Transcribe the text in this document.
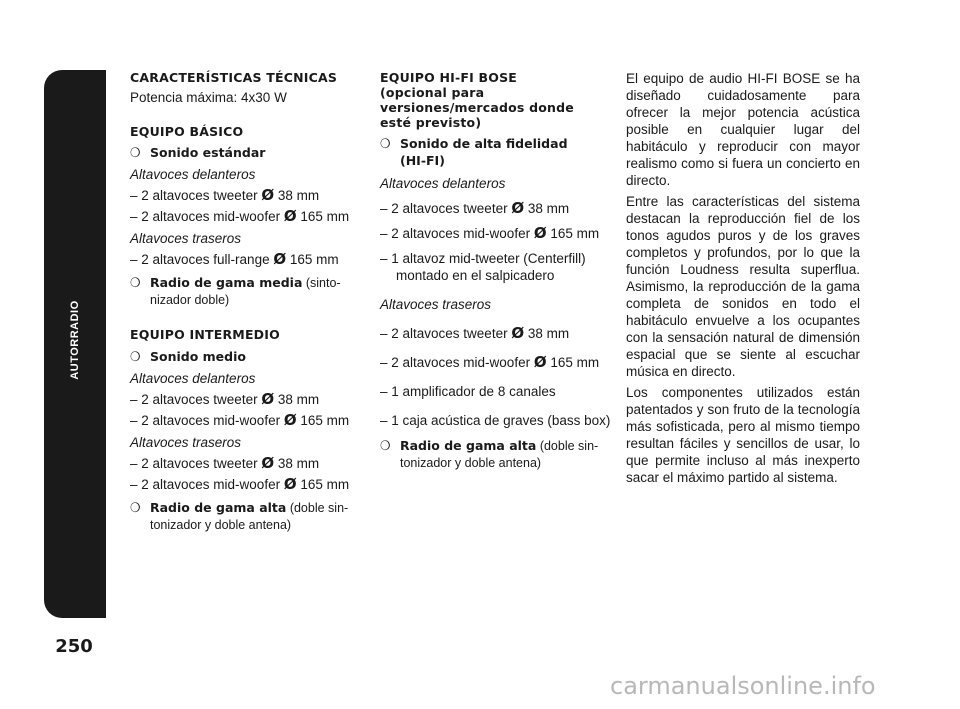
AUTORRADIO
250
CARACTERÍSTICAS TÉCNICAS
Potencia máxima: 4x30 W
EQUIPO BÁSICO
❍ Sonido estándar
Altavoces delanteros
– 2 altavoces tweeter Ø 38 mm
– 2 altavoces mid-woofer Ø 165 mm
Altavoces traseros
– 2 altavoces full-range Ø 165 mm
❍ Radio de gama media (sinto-
nizador doble)
EQUIPO INTERMEDIO
❍ Sonido medio
Altavoces delanteros
– 2 altavoces tweeter Ø 38 mm
– 2 altavoces mid-woofer Ø 165 mm
Altavoces traseros
– 2 altavoces tweeter Ø 38 mm
– 2 altavoces mid-woofer Ø 165 mm
❍ Radio de gama alta (doble sin-
tonizador y doble antena)
EQUIPO HI-FI BOSE
(opcional para
versiones/mercados donde
esté previsto)
❍ Sonido de alta fidelidad
(HI-FI)
Altavoces delanteros
– 2 altavoces tweeter Ø 38 mm
– 2 altavoces mid-woofer Ø 165 mm
– 1 altavoz mid-tweeter (Centerfill)
montado en el salpicadero
Altavoces traseros
– 2 altavoces tweeter Ø 38 mm
– 2 altavoces mid-woofer Ø 165 mm
– 1 amplificador de 8 canales
– 1 caja acústica de graves (bass box)
❍ Radio de gama alta (doble sin-
tonizador y doble antena)
El equipo de audio HI-FI BOSE se ha diseñado cuidadosamente para ofrecer la mejor potencia acústica posible en cualquier lugar del habitáculo y reproducir con mayor realismo como si fuera un concierto en directo.
Entre las características del sistema destacan la reproducción fiel de los tonos agudos puros y de los graves completos y profundos, por lo que la función Loudness resulta superflua. Asimismo, la reproducción de la gama completa de sonidos en todo el habitáculo envuelve a los ocupantes con la sensación natural de dimensión espacial que se siente al escuchar música en directo.
Los componentes utilizados están patentados y son fruto de la tecnología más sofisticada, pero al mismo tiempo resultan fáciles y sencillos de usar, lo que permite incluso al más inexperto sacar el máximo partido al sistema.
carmanualsonline.info
